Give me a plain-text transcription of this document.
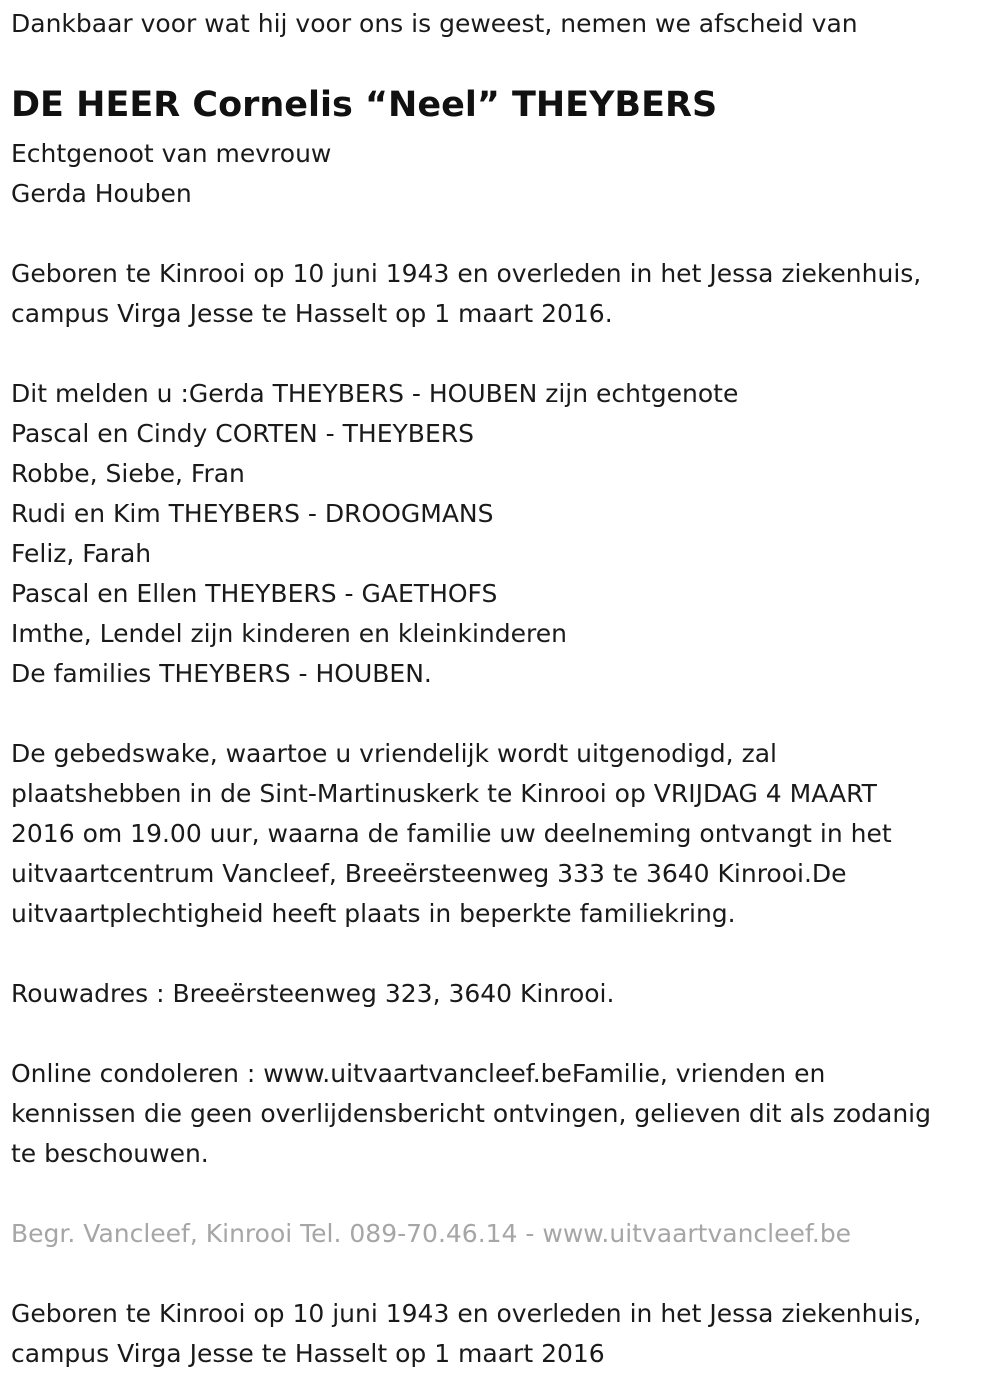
Dankbaar voor wat hij voor ons is geweest, nemen we afscheid van
DE HEER Cornelis “Neel” THEYBERS
Echtgenoot van mevrouw
Gerda Houben
Geboren te Kinrooi op 10 juni 1943 en overleden in het Jessa ziekenhuis,
campus Virga Jesse te Hasselt op 1 maart 2016.
Dit melden u :Gerda THEYBERS - HOUBEN zijn echtgenote
Pascal en Cindy CORTEN - THEYBERS
Robbe, Siebe, Fran
Rudi en Kim THEYBERS - DROOGMANS
Feliz, Farah
Pascal en Ellen THEYBERS - GAETHOFS
Imthe, Lendel zijn kinderen en kleinkinderen
De families THEYBERS - HOUBEN.
De gebedswake, waartoe u vriendelijk wordt uitgenodigd, zal
plaatshebben in de Sint-Martinuskerk te Kinrooi op VRIJDAG 4 MAART
2016 om 19.00 uur, waarna de familie uw deelneming ontvangt in het
uitvaartcentrum Vancleef, Breeërsteenweg 333 te 3640 Kinrooi.De
uitvaartplechtigheid heeft plaats in beperkte familiekring.
Rouwadres : Breeërsteenweg 323, 3640 Kinrooi.
Online condoleren : www.uitvaartvancleef.beFamilie, vrienden en
kennissen die geen overlijdensbericht ontvingen, gelieven dit als zodanig
te beschouwen.
Begr. Vancleef, Kinrooi Tel. 089-70.46.14 - www.uitvaartvancleef.be
Geboren te Kinrooi op 10 juni 1943 en overleden in het Jessa ziekenhuis,
campus Virga Jesse te Hasselt op 1 maart 2016
